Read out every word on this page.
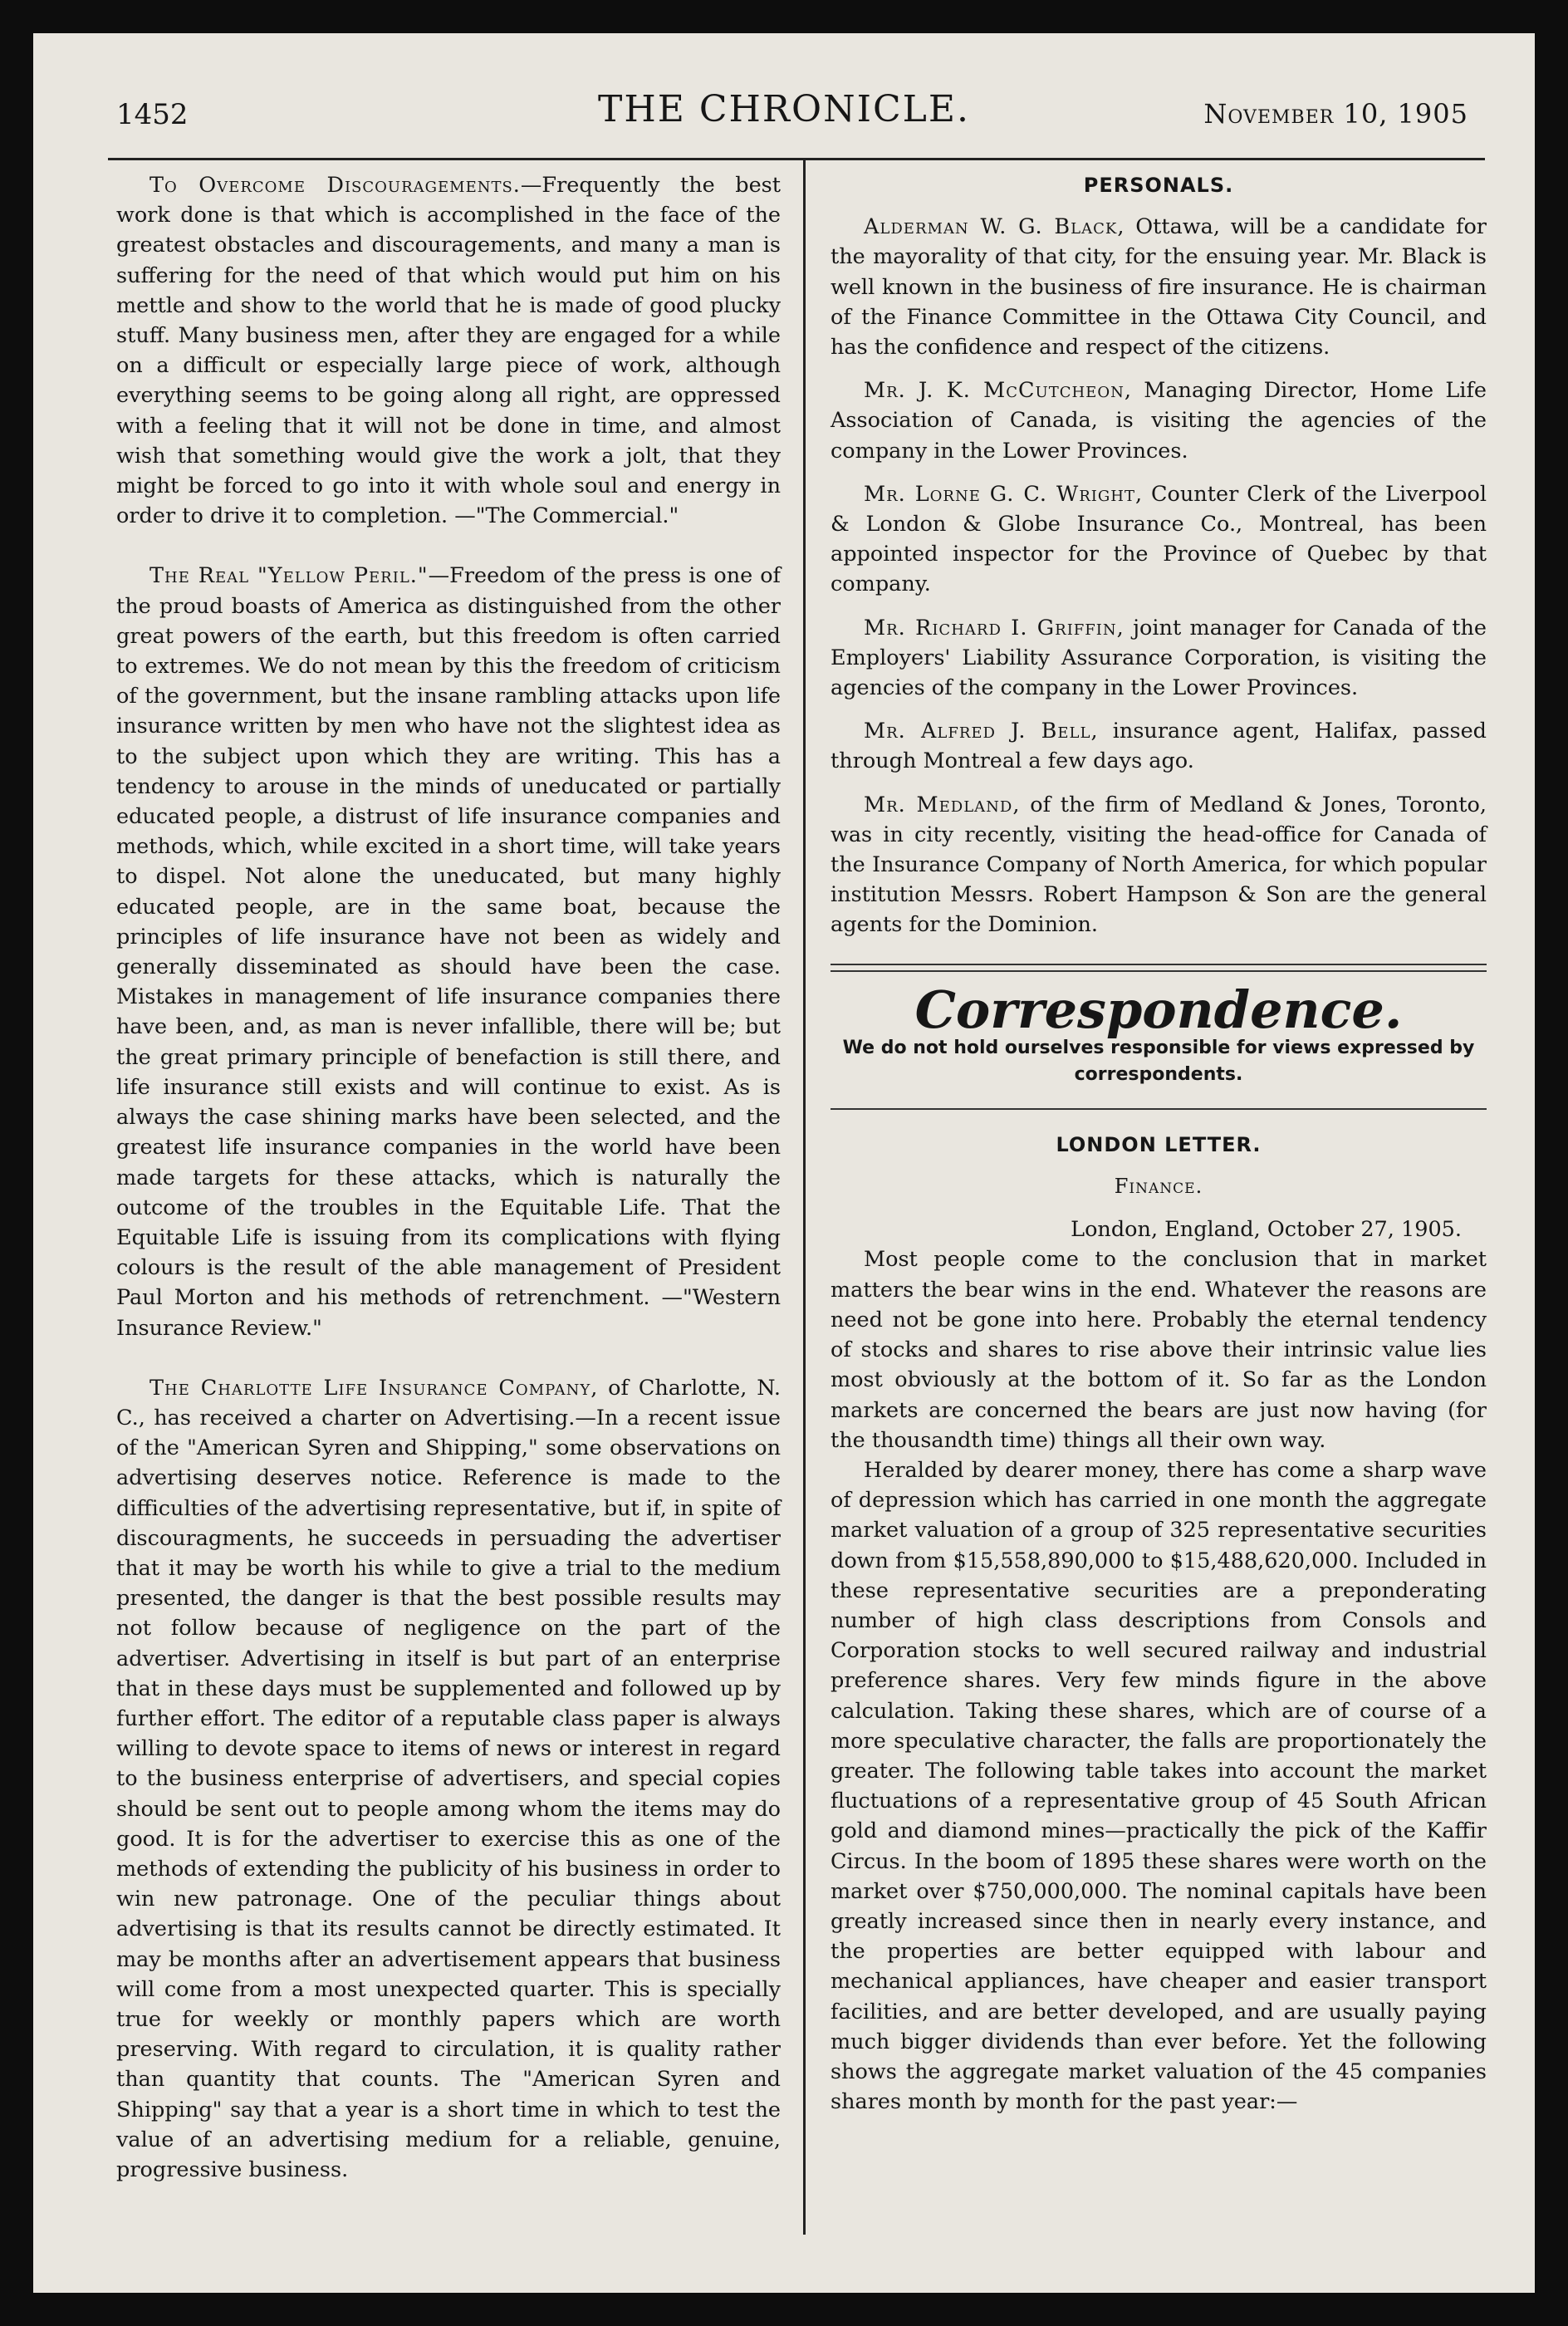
1452	THE CHRONICLE.	November 10, 1905

To Overcome Discouragements.—Frequently the best work done is that which is accomplished in the face of the greatest obstacles and discouragements, and many a man is suffering for the need of that which would put him on his mettle and show to the world that he is made of good plucky stuff. Many business men, after they are engaged for a while on a difficult or especially large piece of work, although everything seems to be going along all right, are oppressed with a feeling that it will not be done in time, and almost wish that something would give the work a jolt, that they might be forced to go into it with whole soul and energy in order to drive it to completion. —"The Commercial."

The Real "Yellow Peril."—Freedom of the press is one of the proud boasts of America as distinguished from the other great powers of the earth, but this freedom is often carried to extremes. We do not mean by this the freedom of criticism of the government, but the insane rambling attacks upon life insurance written by men who have not the slightest idea as to the subject upon which they are writing. This has a tendency to arouse in the minds of uneducated or partially educated people, a distrust of life insurance companies and methods, which, while excited in a short time, will take years to dispel. Not alone the uneducated, but many highly educated people, are in the same boat, because the principles of life insurance have not been as widely and generally disseminated as should have been the case. Mistakes in management of life insurance companies there have been, and, as man is never infallible, there will be; but the great primary principle of benefaction is still there, and life insurance still exists and will continue to exist. As is always the case shining marks have been selected, and the greatest life insurance companies in the world have been made targets for these attacks, which is naturally the outcome of the troubles in the Equitable Life. That the Equitable Life is issuing from its complications with flying colours is the result of the able management of President Paul Morton and his methods of retrenchment. —"Western Insurance Review."

The Charlotte Life Insurance Company, of Charlotte, N. C., has received a charter on Advertising.—In a recent issue of the "American Syren and Shipping," some observations on advertising deserves notice. Reference is made to the difficulties of the advertising representative, but if, in spite of discouragments, he succeeds in persuading the advertiser that it may be worth his while to give a trial to the medium presented, the danger is that the best possible results may not follow because of negligence on the part of the advertiser. Advertising in itself is but part of an enterprise that in these days must be supplemented and followed up by further effort. The editor of a reputable class paper is always willing to devote space to items of news or interest in regard to the business enterprise of advertisers, and special copies should be sent out to people among whom the items may do good. It is for the advertiser to exercise this as one of the methods of extending the publicity of his business in order to win new patronage. One of the peculiar things about advertising is that its results cannot be directly estimated. It may be months after an advertisement appears that business will come from a most unexpected quarter. This is specially true for weekly or monthly papers which are worth preserving. With regard to circulation, it is quality rather than quantity that counts. The "American Syren and Shipping" say that a year is a short time in which to test the value of an advertising medium for a reliable, genuine, progressive business.

PERSONALS.

Alderman W. G. Black, Ottawa, will be a candidate for the mayorality of that city, for the ensuing year. Mr. Black is well known in the business of fire insurance. He is chairman of the Finance Committee in the Ottawa City Council, and has the confidence and respect of the citizens.

Mr. J. K. McCutcheon, Managing Director, Home Life Association of Canada, is visiting the agencies of the company in the Lower Provinces.

Mr. Lorne G. C. Wright, Counter Clerk of the Liverpool & London & Globe Insurance Co., Montreal, has been appointed inspector for the Province of Quebec by that company.

Mr. Richard I. Griffin, joint manager for Canada of the Employers' Liability Assurance Corporation, is visiting the agencies of the company in the Lower Provinces.

Mr. Alfred J. Bell, insurance agent, Halifax, passed through Montreal a few days ago.

Mr. Medland, of the firm of Medland & Jones, Toronto, was in city recently, visiting the head-office for Canada of the Insurance Company of North America, for which popular institution Messrs. Robert Hampson & Son are the general agents for the Dominion.

Correspondence.
We do not hold ourselves responsible for views expressed by correspondents.
LONDON LETTER.
Finance.

London, England, October 27, 1905.

Most people come to the conclusion that in market matters the bear wins in the end. Whatever the reasons are need not be gone into here. Probably the eternal tendency of stocks and shares to rise above their intrinsic value lies most obviously at the bottom of it. So far as the London markets are concerned the bears are just now having (for the thousandth time) things all their own way.

Heralded by dearer money, there has come a sharp wave of depression which has carried in one month the aggregate market valuation of a group of 325 representative securities down from $15,558,890,000 to $15,488,620,000. Included in these representative securities are a preponderating number of high class descriptions from Consols and Corporation stocks to well secured railway and industrial preference shares. Very few minds figure in the above calculation. Taking these shares, which are of course of a more speculative character, the falls are proportionately the greater. The following table takes into account the market fluctuations of a representative group of 45 South African gold and diamond mines—practically the pick of the Kaffir Circus. In the boom of 1895 these shares were worth on the market over $750,000,000. The nominal capitals have been greatly increased since then in nearly every instance, and the properties are better equipped with labour and mechanical appliances, have cheaper and easier transport facilities, and are better developed, and are usually paying much bigger dividends than ever before. Yet the following shows the aggregate market valuation of the 45 companies shares month by month for the past year:—
